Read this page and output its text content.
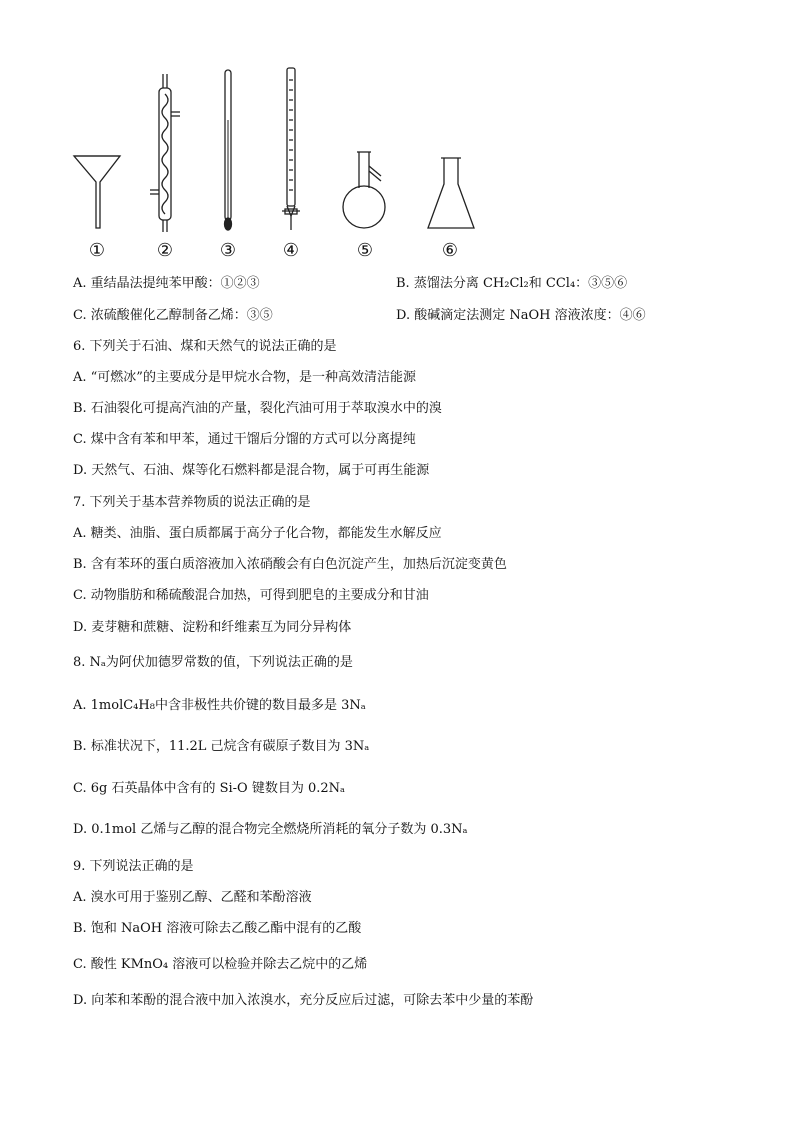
①	②	③	④	⑤	⑥
A. 重结晶法提纯苯甲酸：①②③	B. 蒸馏法分离 CH₂Cl₂和 CCl₄：③⑤⑥
C. 浓硫酸催化乙醇制备乙烯：③⑤	D. 酸碱滴定法测定 NaOH 溶液浓度：④⑥
6. 下列关于石油、煤和天然气的说法正确的是
A. “可燃冰”的主要成分是甲烷水合物，是一种高效清洁能源
B. 石油裂化可提高汽油的产量，裂化汽油可用于萃取溴水中的溴
C. 煤中含有苯和甲苯，通过干馏后分馏的方式可以分离提纯
D. 天然气、石油、煤等化石燃料都是混合物，属于可再生能源
7. 下列关于基本营养物质的说法正确的是
A. 糖类、油脂、蛋白质都属于高分子化合物，都能发生水解反应
B. 含有苯环的蛋白质溶液加入浓硝酸会有白色沉淀产生，加热后沉淀变黄色
C. 动物脂肪和稀硫酸混合加热，可得到肥皂的主要成分和甘油
D. 麦芽糖和蔗糖、淀粉和纤维素互为同分异构体
8. Nₐ为阿伏加德罗常数的值，下列说法正确的是
A. 1molC₄H₈中含非极性共价键的数目最多是 3Nₐ
B. 标准状况下，11.2L 己烷含有碳原子数目为 3Nₐ
C. 6g 石英晶体中含有的 Si-O 键数目为 0.2Nₐ
D. 0.1mol 乙烯与乙醇的混合物完全燃烧所消耗的氧分子数为 0.3Nₐ
9. 下列说法正确的是
A. 溴水可用于鉴别乙醇、乙醛和苯酚溶液
B. 饱和 NaOH 溶液可除去乙酸乙酯中混有的乙酸
C. 酸性 KMnO₄ 溶液可以检验并除去乙烷中的乙烯
D. 向苯和苯酚的混合液中加入浓溴水，充分反应后过滤，可除去苯中少量的苯酚
